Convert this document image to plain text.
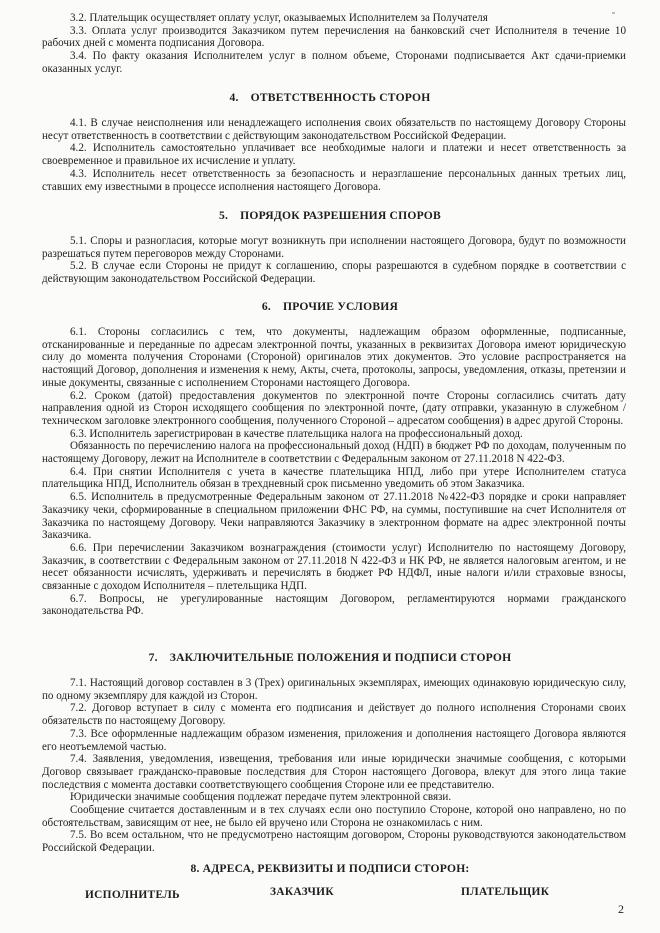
3.2. Плательщик осуществляет оплату услуг, оказываемых Исполнителем за Получателя

3.3. Оплата услуг производится Заказчиком путем перечисления на банковский счет Исполнителя в течение 10 рабочих дней с момента подписания Договора.

3.4. По факту оказания Исполнителем услуг в полном объеме, Сторонами подписывается Акт сдачи-приемки оказанных услуг.

4. ОТВЕТСТВЕННОСТЬ СТОРОН

4.1. В случае неисполнения или ненадлежащего исполнения своих обязательств по настоящему Договору Стороны несут ответственность в соответствии с действующим законодательством Российской Федерации.

4.2. Исполнитель самостоятельно уплачивает все необходимые налоги и платежи и несет ответственность за своевременное и правильное их исчисление и уплату.

4.3. Исполнитель несет ответственность за безопасность и неразглашение персональных данных третьих лиц, ставших ему известными в процессе исполнения настоящего Договора.

5. ПОРЯДОК РАЗРЕШЕНИЯ СПОРОВ

5.1. Споры и разногласия, которые могут возникнуть при исполнении настоящего Договора, будут по возможности разрешаться путем переговоров между Сторонами.

5.2. В случае если Стороны не придут к соглашению, споры разрешаются в судебном порядке в соответствии с действующим законодательством Российской Федерации.

6. ПРОЧИЕ УСЛОВИЯ

6.1. Стороны согласились с тем, что документы, надлежащим образом оформленные, подписанные, отсканированные и переданные по адресам электронной почты, указанных в реквизитах Договора имеют юридическую силу до момента получения Сторонами (Стороной) оригиналов этих документов. Это условие распространяется на настоящий Договор, дополнения и изменения к нему, Акты, счета, протоколы, запросы, уведомления, отказы, претензии и иные документы, связанные с исполнением Сторонами настоящего Договора.

6.2. Сроком (датой) предоставления документов по электронной почте Стороны согласились считать дату направления одной из Сторон исходящего сообщения по электронной почте, (дату отправки, указанную в служебном / техническом заголовке электронного сообщения, полученного Стороной – адресатом сообщения) в адрес другой Стороны.

6.3. Исполнитель зарегистрирован в качестве плательщика налога на профессиональный доход.

Обязанность по перечислению налога на профессиональный доход (НДП) в бюджет РФ по доходам, полученным по настоящему Договору, лежит на Исполнителе в соответствии с Федеральным законом от 27.11.2018 N 422-ФЗ.

6.4. При снятии Исполнителя с учета в качестве плательщика НПД, либо при утере Исполнителем статуса плательщика НПД, Исполнитель обязан в трехдневный срок письменно уведомить об этом Заказчика.

6.5. Исполнитель в предусмотренные Федеральным законом от 27.11.2018 №422-ФЗ порядке и сроки направляет Заказчику чеки, сформированные в специальном приложении ФНС РФ, на суммы, поступившие на счет Исполнителя от Заказчика по настоящему Договору. Чеки направляются Заказчику в электронном формате на адрес электронной почты Заказчика.

6.6. При перечислении Заказчиком вознаграждения (стоимости услуг) Исполнителю по настоящему Договору, Заказчик, в соответствии с Федеральным законом от 27.11.2018 N 422-ФЗ и НК РФ, не является налоговым агентом, и не несет обязанности исчислять, удерживать и перечислять в бюджет РФ НДФЛ, иные налоги и/или страховые взносы, связанные с доходом Исполнителя – плетельщика НДП.

6.7. Вопросы, не урегулированные настоящим Договором, регламентируются нормами гражданского законодательства РФ.

7. ЗАКЛЮЧИТЕЛЬНЫЕ ПОЛОЖЕНИЯ И ПОДПИСИ СТОРОН

7.1. Настоящий договор составлен в 3 (Трех) оригинальных экземплярах, имеющих одинаковую юридическую силу, по одному экземпляру для каждой из Сторон.

7.2. Договор вступает в силу с момента его подписания и действует до полного исполнения Сторонами своих обязательств по настоящему Договору.

7.3. Все оформленные надлежащим образом изменения, приложения и дополнения настоящего Договора являются его неотъемлемой частью.

7.4. Заявления, уведомления, извещения, требования или иные юридически значимые сообщения, с которыми Договор связывает гражданско-правовые последствия для Сторон настоящего Договора, влекут для этого лица такие последствия с момента доставки соответствующего сообщения Стороне или ее представителю.

Юридически значимые сообщения подлежат передаче путем электронной связи.

Сообщение считается доставленным и в тех случаях если оно поступило Стороне, которой оно направлено, но по обстоятельствам, зависящим от нее, не было ей вручено или Сторона не ознакомилась с ним.

7.5. Во всем остальном, что не предусмотрено настоящим договором, Стороны руководствуются законодательством Российской Федерации.

8. АДРЕСА, РЕКВИЗИТЫ И ПОДПИСИ СТОРОН:
ИСПОЛНИТЕЛЬ	ЗАКАЗЧИК	ПЛАТЕЛЬЩИК
2
